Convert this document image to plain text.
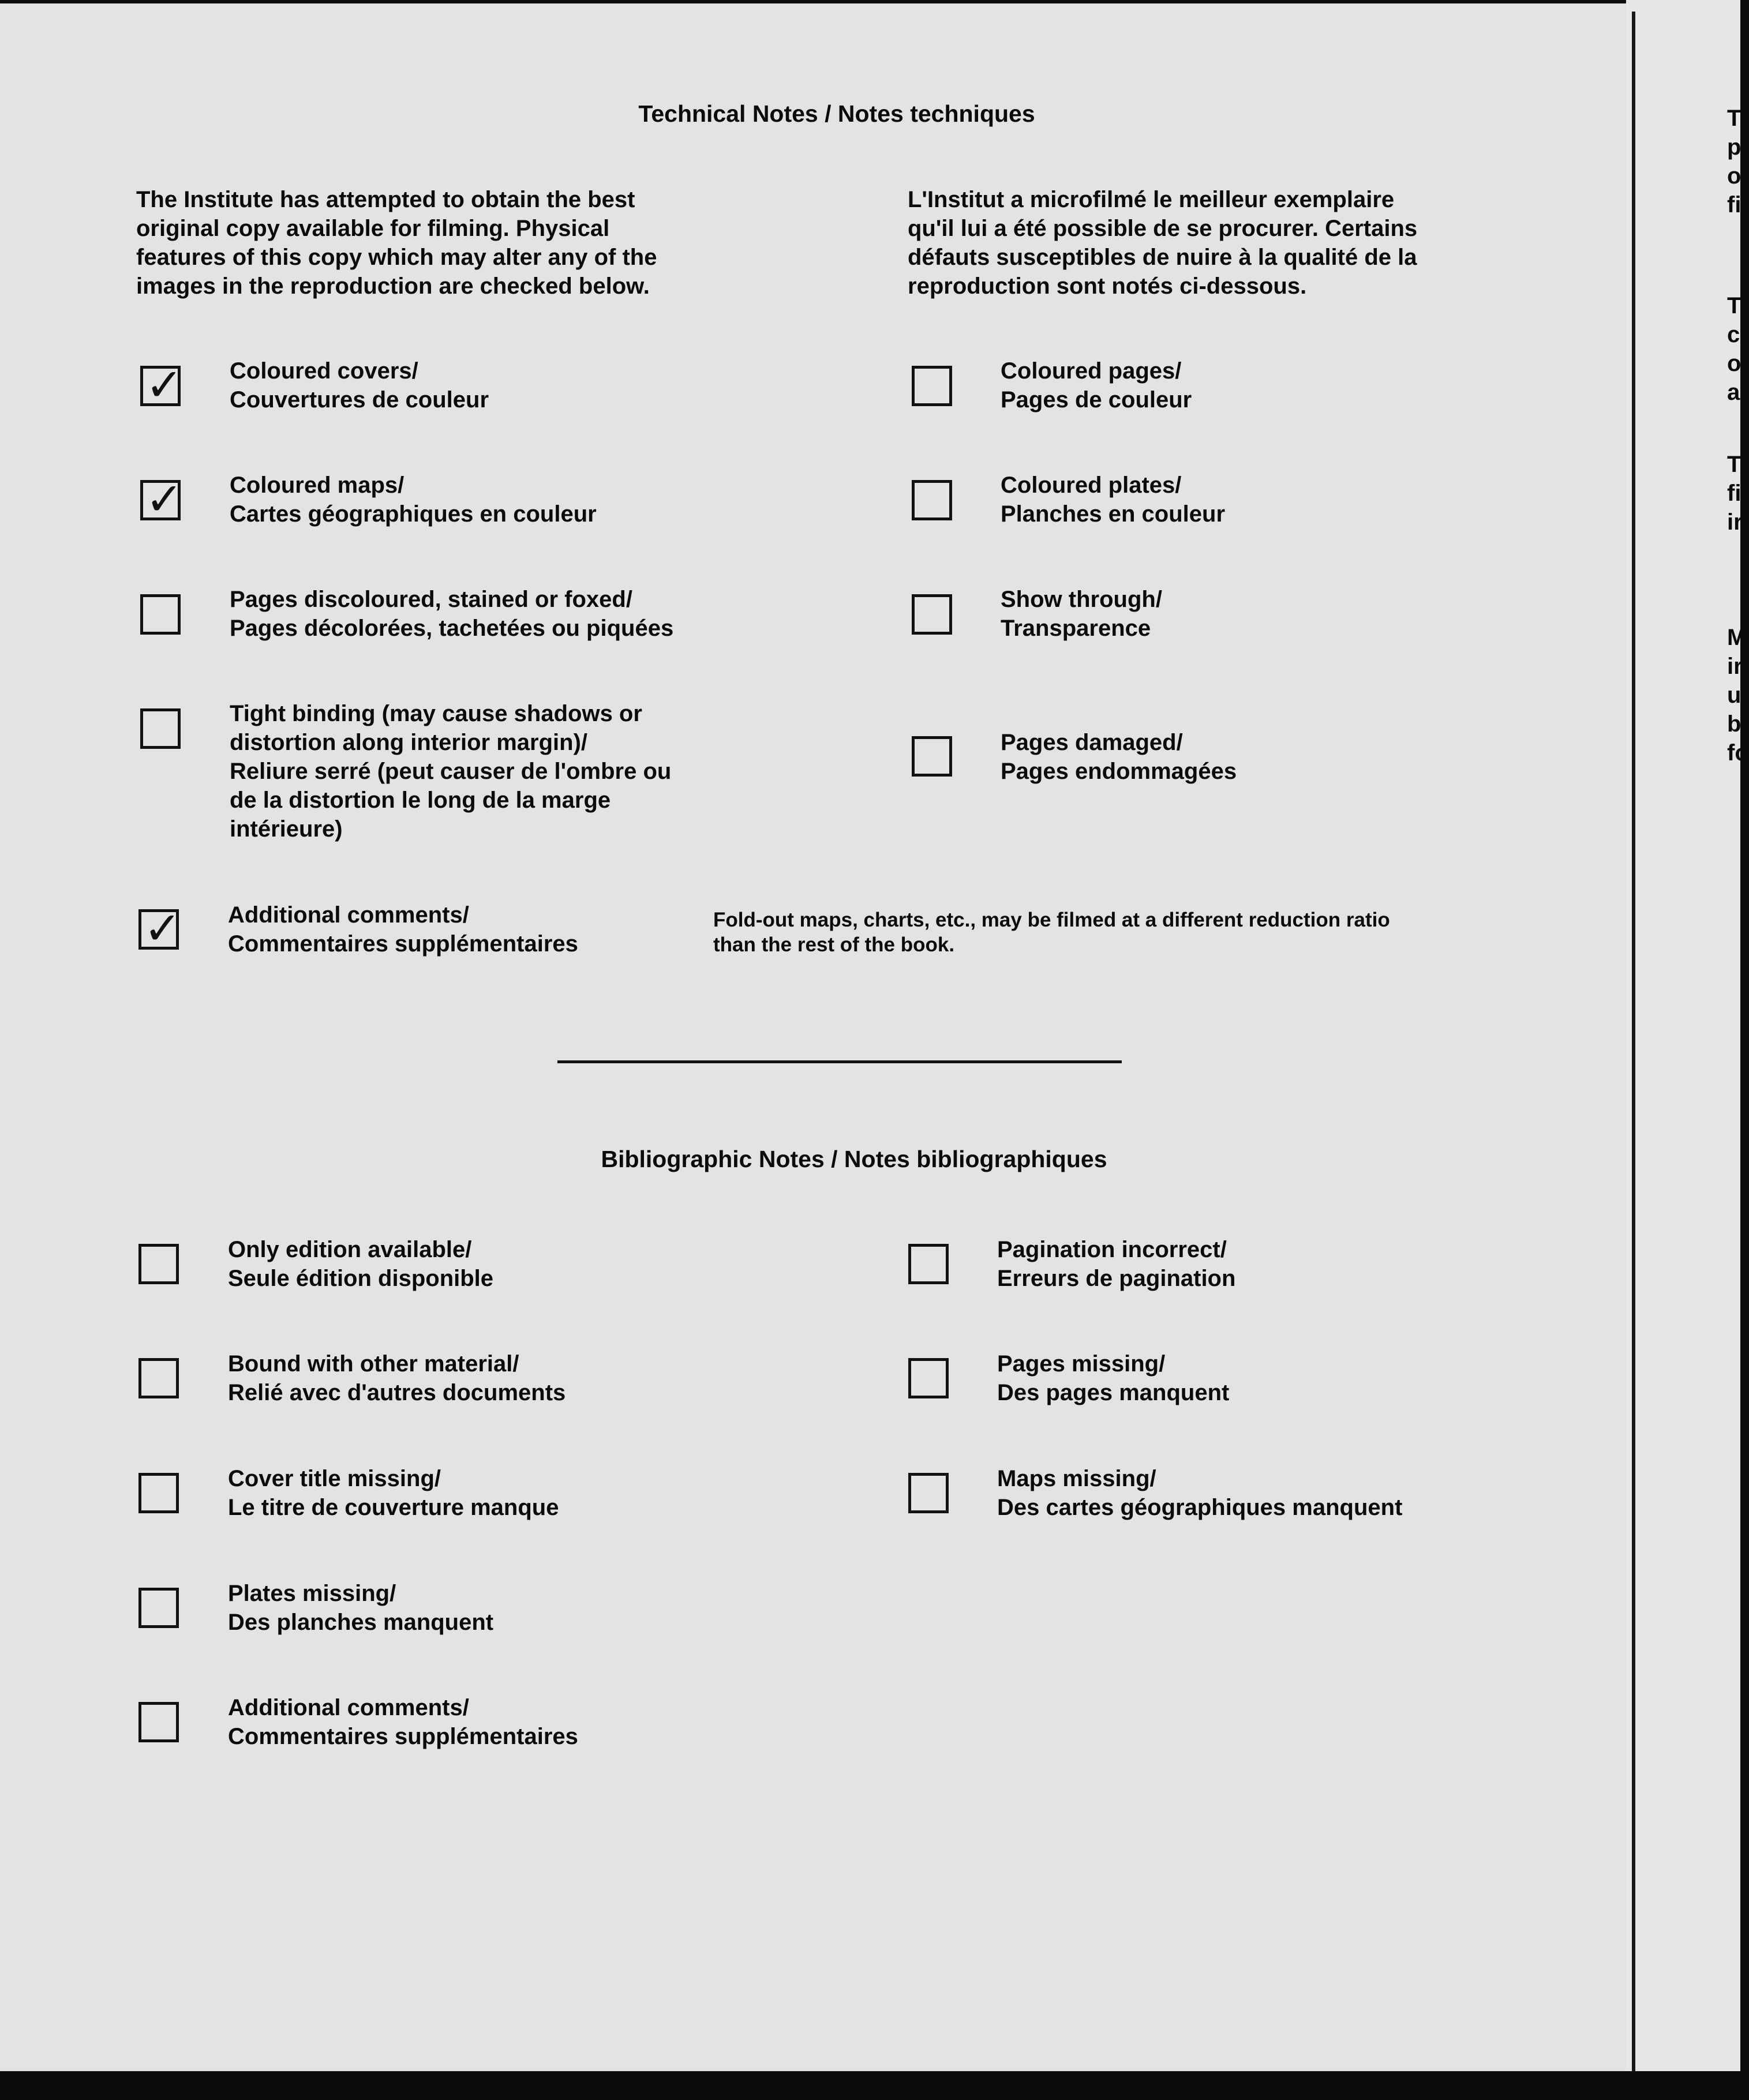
Technical Notes / Notes techniques
The Institute has attempted to obtain the best
original copy available for filming. Physical
features of this copy which may alter any of the
images in the reproduction are checked below.
L'Institut a microfilmé le meilleur exemplaire
qu'il lui a été possible de se procurer. Certains
défauts susceptibles de nuire à la qualité de la
reproduction sont notés ci-dessous.
✓ Coloured covers/
Couvertures de couleur
✓ Coloured maps/
Cartes géographiques en couleur
Pages discoloured, stained or foxed/
Pages décolorées, tachetées ou piquées
Tight binding (may cause shadows or
distortion along interior margin)/
Reliure serré (peut causer de l'ombre ou
de la distortion le long de la marge
intérieure)
Coloured pages/
Pages de couleur
Coloured plates/
Planches en couleur
Show through/
Transparence
Pages damaged/
Pages endommagées
✓ Additional comments/
Commentaires supplémentaires
Fold-out maps, charts, etc., may be filmed at a different reduction ratio
than the rest of the book.
Bibliographic Notes / Notes bibliographiques
Only edition available/
Seule édition disponible
Bound with other material/
Relié avec d'autres documents
Cover title missing/
Le titre de couverture manque
Plates missing/
Des planches manquent
Additional comments/
Commentaires supplémentaires
Pagination incorrect/
Erreurs de pagination
Pages missing/
Des pages manquent
Maps missing/
Des cartes géographiques manquent
T
p
o
fi
T
c
o
a
T
fi
ir
M
ir
u
b
fo
